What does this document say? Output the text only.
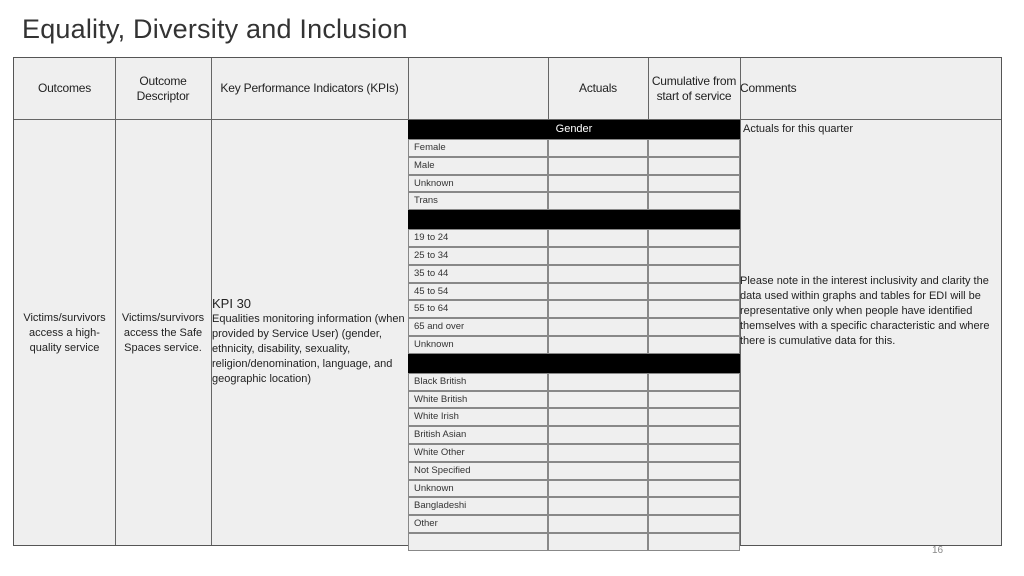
Equality, Diversity and Inclusion
Outcomes
Outcome Descriptor
Key Performance Indicators (KPIs)	Actuals
Cumulative from start of service
Comments
Victims/survivors access a high-quality service
Victims/survivors access the Safe Spaces service.
KPI 30
Equalities monitoring information (when provided by Service User) (gender, ethnicity, disability, sexuality, religion/denomination, language, and geographic location)
Gender
Female
Male
Unknown
Trans
19 to 24
25 to 34
35 to 44
45 to 54
55 to 64
65 and over
Unknown
Black British
White British
White Irish
British Asian
White Other
Not Specified
Unknown
Bangladeshi
Other
Actuals for this quarter
Please note in the interest inclusivity and clarity the data used within graphs and tables for EDI will be representative only when people have identified themselves with a specific characteristic and where there is cumulative data for this.
16
